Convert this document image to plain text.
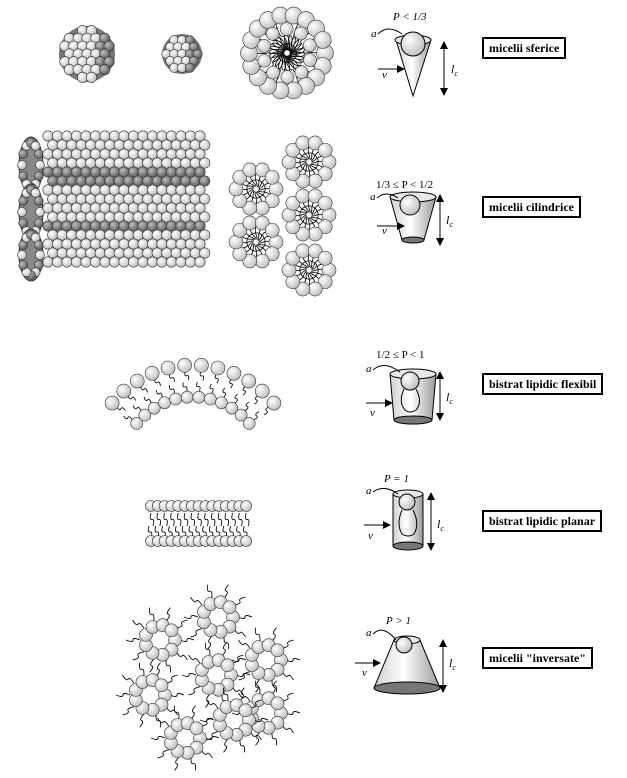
P < 1/3
a
v	$l_c$
1/3 ≤ P < 1/2
a
v
$l_c$
1/2 ≤ P < 1
a
v
$l_c$
P = 1
a
v
$l_c$
P > 1
a
v
$l_c$
micelii sferice
micelii cilindrice
bistrat lipidic flexibil
bistrat lipidic planar
micelii "inversate"
